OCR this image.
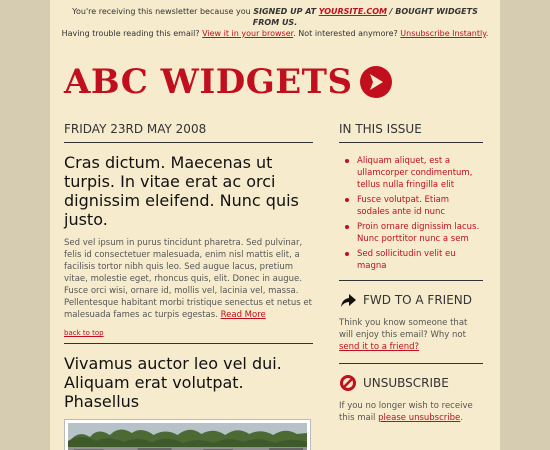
You're receiving this newsletter because you SIGNED UP AT YOURSITE.COM / BOUGHT WIDGETS FROM US.
Having trouble reading this email? View it in your browser. Not interested anymore? Unsubscribe Instantly.
ABC WIDGETS
FRIDAY 23RD MAY 2008
Cras dictum. Maecenas ut turpis. In vitae erat ac orci dignissim eleifend. Nunc quis justo.
Sed vel ipsum in purus tincidunt pharetra. Sed pulvinar, felis id consectetuer malesuada, enim nisl mattis elit, a facilisis tortor nibh quis leo. Sed augue lacus, pretium vitae, molestie eget, rhoncus quis, elit. Donec in augue. Fusce orci wisi, ornare id, mollis vel, lacinia vel, massa. Pellentesque habitant morbi tristique senectus et netus et malesuada fames ac turpis egestas. Read More
back to top
Vivamus auctor leo vel dui. Aliquam erat volutpat. Phasellus
IN THIS ISSUE
Aliquam aliquet, est a ullamcorper condimentum, tellus nulla fringilla elit
Fusce volutpat. Etiam sodales ante id nunc
Proin ornare dignissim lacus. Nunc porttitor nunc a sem
Sed sollicitudin velit eu magna
FWD TO A FRIEND
Think you know someone that will enjoy this email? Why not send it to a friend?
UNSUBSCRIBE
If you no longer wish to receive this mail please unsubscribe.
